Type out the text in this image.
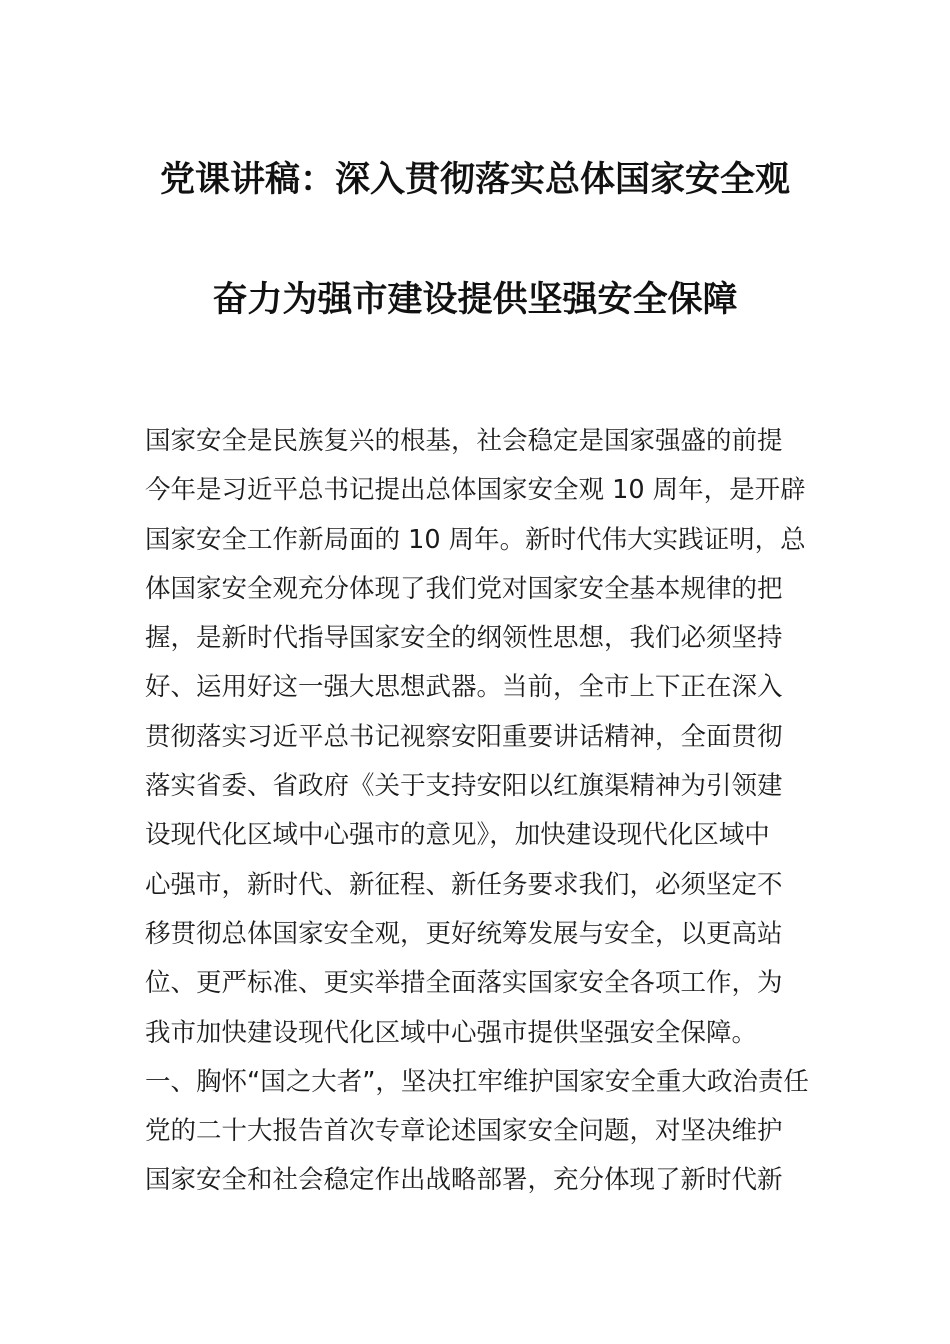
党课讲稿：深入贯彻落实总体国家安全观
奋力为强市建设提供坚强安全保障
国家安全是民族复兴的根基，社会稳定是国家强盛的前提
今年是习近平总书记提出总体国家安全观 10 周年，是开辟
国家安全工作新局面的 10 周年。新时代伟大实践证明，总
体国家安全观充分体现了我们党对国家安全基本规律的把
握，是新时代指导国家安全的纲领性思想，我们必须坚持
好、运用好这一强大思想武器。当前，全市上下正在深入
贯彻落实习近平总书记视察安阳重要讲话精神，全面贯彻
落实省委、省政府《关于支持安阳以红旗渠精神为引领建
设现代化区域中心强市的意见》，加快建设现代化区域中
心强市，新时代、新征程、新任务要求我们，必须坚定不
移贯彻总体国家安全观，更好统筹发展与安全，以更高站
位、更严标准、更实举措全面落实国家安全各项工作，为
我市加快建设现代化区域中心强市提供坚强安全保障。
一、胸怀“国之大者”，坚决扛牢维护国家安全重大政治责任
党的二十大报告首次专章论述国家安全问题，对坚决维护
国家安全和社会稳定作出战略部署，充分体现了新时代新
